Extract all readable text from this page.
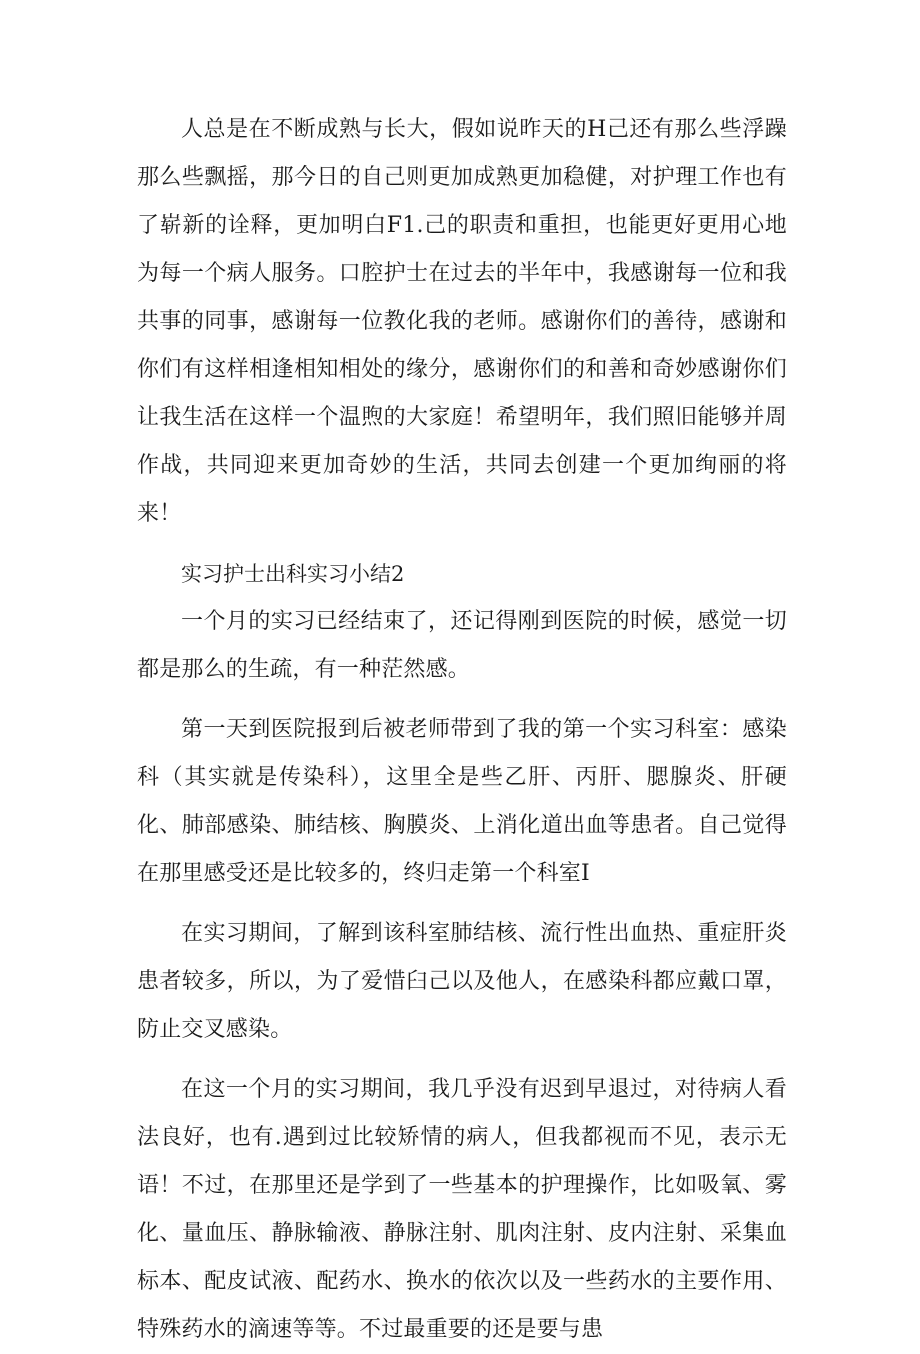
人总是在不断成熟与长大，假如说昨天的H己还有那么些浮躁那么些飘摇，那今日的自己则更加成熟更加稳健，对护理工作也有了崭新的诠释，更加明白F1.己的职责和重担，也能更好更用心地为每一个病人服务。口腔护士在过去的半年中，我感谢每一位和我共事的同事，感谢每一位教化我的老师。感谢你们的善待，感谢和你们有这样相逢相知相处的缘分，感谢你们的和善和奇妙感谢你们让我生活在这样一个温煦的大家庭！希望明年，我们照旧能够并周作战，共同迎来更加奇妙的生活，共同去创建一个更加绚丽的将来！

实习护士出科实习小结2

一个月的实习已经结束了，还记得刚到医院的时候，感觉一切都是那么的生疏，有一种茫然感。

第一天到医院报到后被老师带到了我的第一个实习科室：感染科（其实就是传染科），这里全是些乙肝、丙肝、腮腺炎、肝硬化、肺部感染、肺结核、胸膜炎、上消化道出血等患者。自己觉得在那里感受还是比较多的，终归走第一个科室I

在实习期间，了解到该科室肺结核、流行性出血热、重症肝炎患者较多，所以，为了爱惜臼己以及他人，在感染科都应戴口罩，防止交叉感染。

在这一个月的实习期间，我几乎没有迟到早退过，对待病人看法良好，也有.遇到过比较矫情的病人，但我都视而不见，表示无语！不过，在那里还是学到了一些基本的护理操作，比如吸氧、雾化、量血压、静脉输液、静脉注射、肌肉注射、皮内注射、采集血标本、配皮试液、配药水、换水的依次以及一些药水的主要作用、特殊药水的滴速等等。不过最重要的还是要与患
